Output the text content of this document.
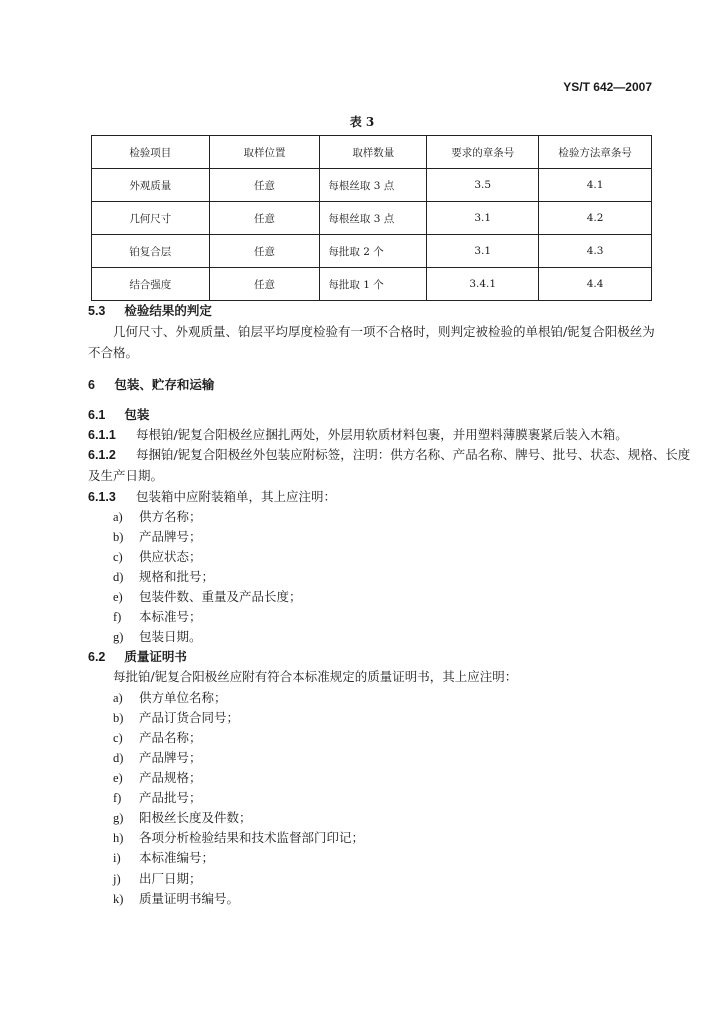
YS/T 642—2007
表 3
检验项目	取样位置	取样数量	要求的章条号	检验方法章条号
外观质量	任意	每根丝取 3 点	3.5	4.1
几何尺寸	任意	每根丝取 3 点	3.1	4.2
铂复合层	任意	每批取 2 个	3.1	4.3
结合强度	任意	每批取 1 个	3.4.1	4.4
5.3 检验结果的判定
几何尺寸、外观质量、铂层平均厚度检验有一项不合格时，则判定被检验的单根铂/铌复合阳极丝为
不合格。
6 包装、贮存和运输
6.1 包装
6.1.1 每根铂/铌复合阳极丝应捆扎两处，外层用软质材料包裹，并用塑料薄膜裹紧后装入木箱。
6.1.2 每捆铂/铌复合阳极丝外包装应附标签，注明：供方名称、产品名称、牌号、批号、状态、规格、长度
及生产日期。
6.1.3 包装箱中应附装箱单，其上应注明：
a) 供方名称；
b) 产品牌号；
c) 供应状态；
d) 规格和批号；
e) 包装件数、重量及产品长度；
f) 本标准号；
g) 包装日期。
6.2 质量证明书
每批铂/铌复合阳极丝应附有符合本标准规定的质量证明书，其上应注明：
a) 供方单位名称；
b) 产品订货合同号；
c) 产品名称；
d) 产品牌号；
e) 产品规格；
f) 产品批号；
g) 阳极丝长度及件数；
h) 各项分析检验结果和技术监督部门印记；
i) 本标准编号；
j) 出厂日期；
k) 质量证明书编号。
